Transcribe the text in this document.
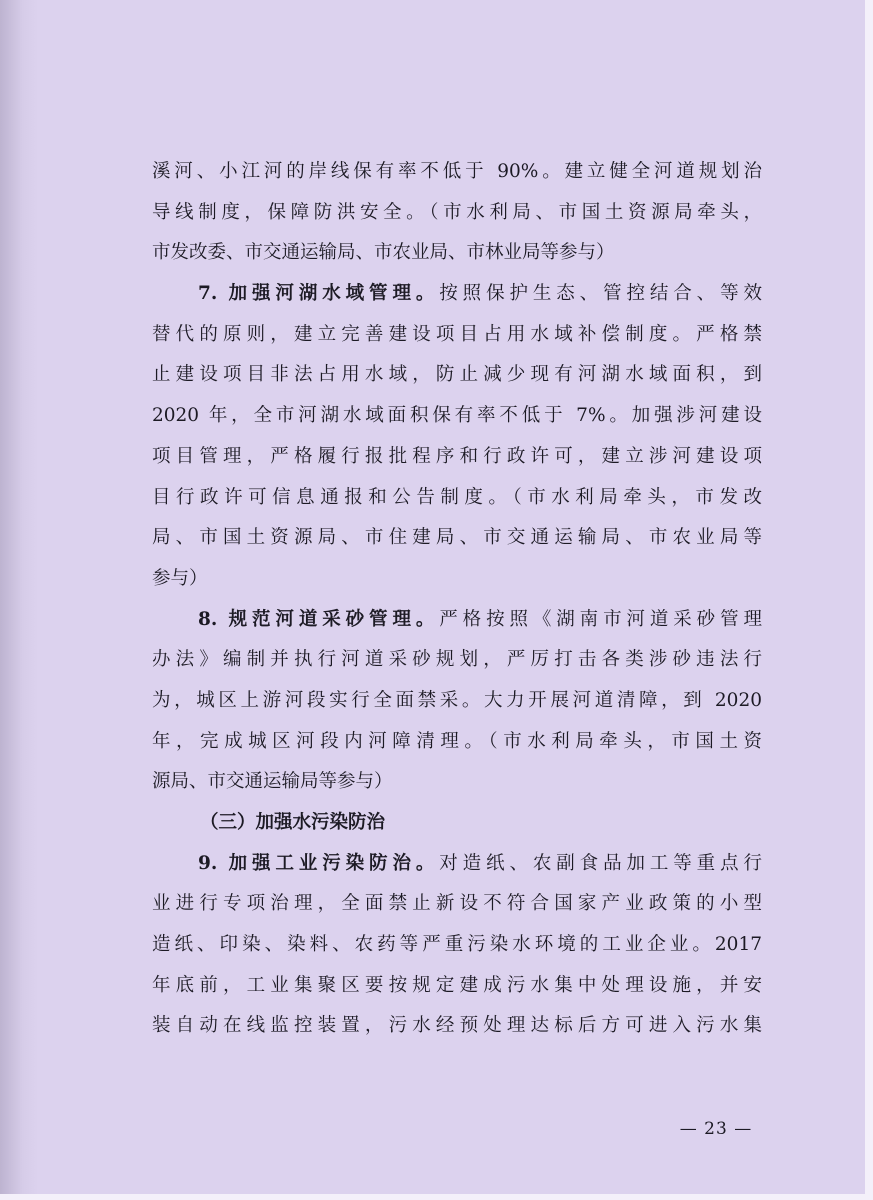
溪河、小江河的岸线保有率不低于 90%。建立健全河道规划治
导线制度，保障防洪安全。（市水利局、市国土资源局牵头，
市发改委、市交通运输局、市农业局、市林业局等参与）
7. 加强河湖水域管理。按照保护生态、管控结合、等效
替代的原则，建立完善建设项目占用水域补偿制度。严格禁
止建设项目非法占用水域，防止减少现有河湖水域面积，到
2020 年，全市河湖水域面积保有率不低于 7%。加强涉河建设
项目管理，严格履行报批程序和行政许可，建立涉河建设项
目行政许可信息通报和公告制度。（市水利局牵头，市发改
局、市国土资源局、市住建局、市交通运输局、市农业局等
参与）
8. 规范河道采砂管理。严格按照《湖南市河道采砂管理
办法》编制并执行河道采砂规划，严厉打击各类涉砂违法行
为，城区上游河段实行全面禁采。大力开展河道清障，到 2020
年，完成城区河段内河障清理。（市水利局牵头，市国土资
源局、市交通运输局等参与）
（三）加强水污染防治
9. 加强工业污染防治。对造纸、农副食品加工等重点行
业进行专项治理，全面禁止新设不符合国家产业政策的小型
造纸、印染、染料、农药等严重污染水环境的工业企业。2017
年底前，工业集聚区要按规定建成污水集中处理设施，并安
装自动在线监控装置，污水经预处理达标后方可进入污水集
— 23 —
